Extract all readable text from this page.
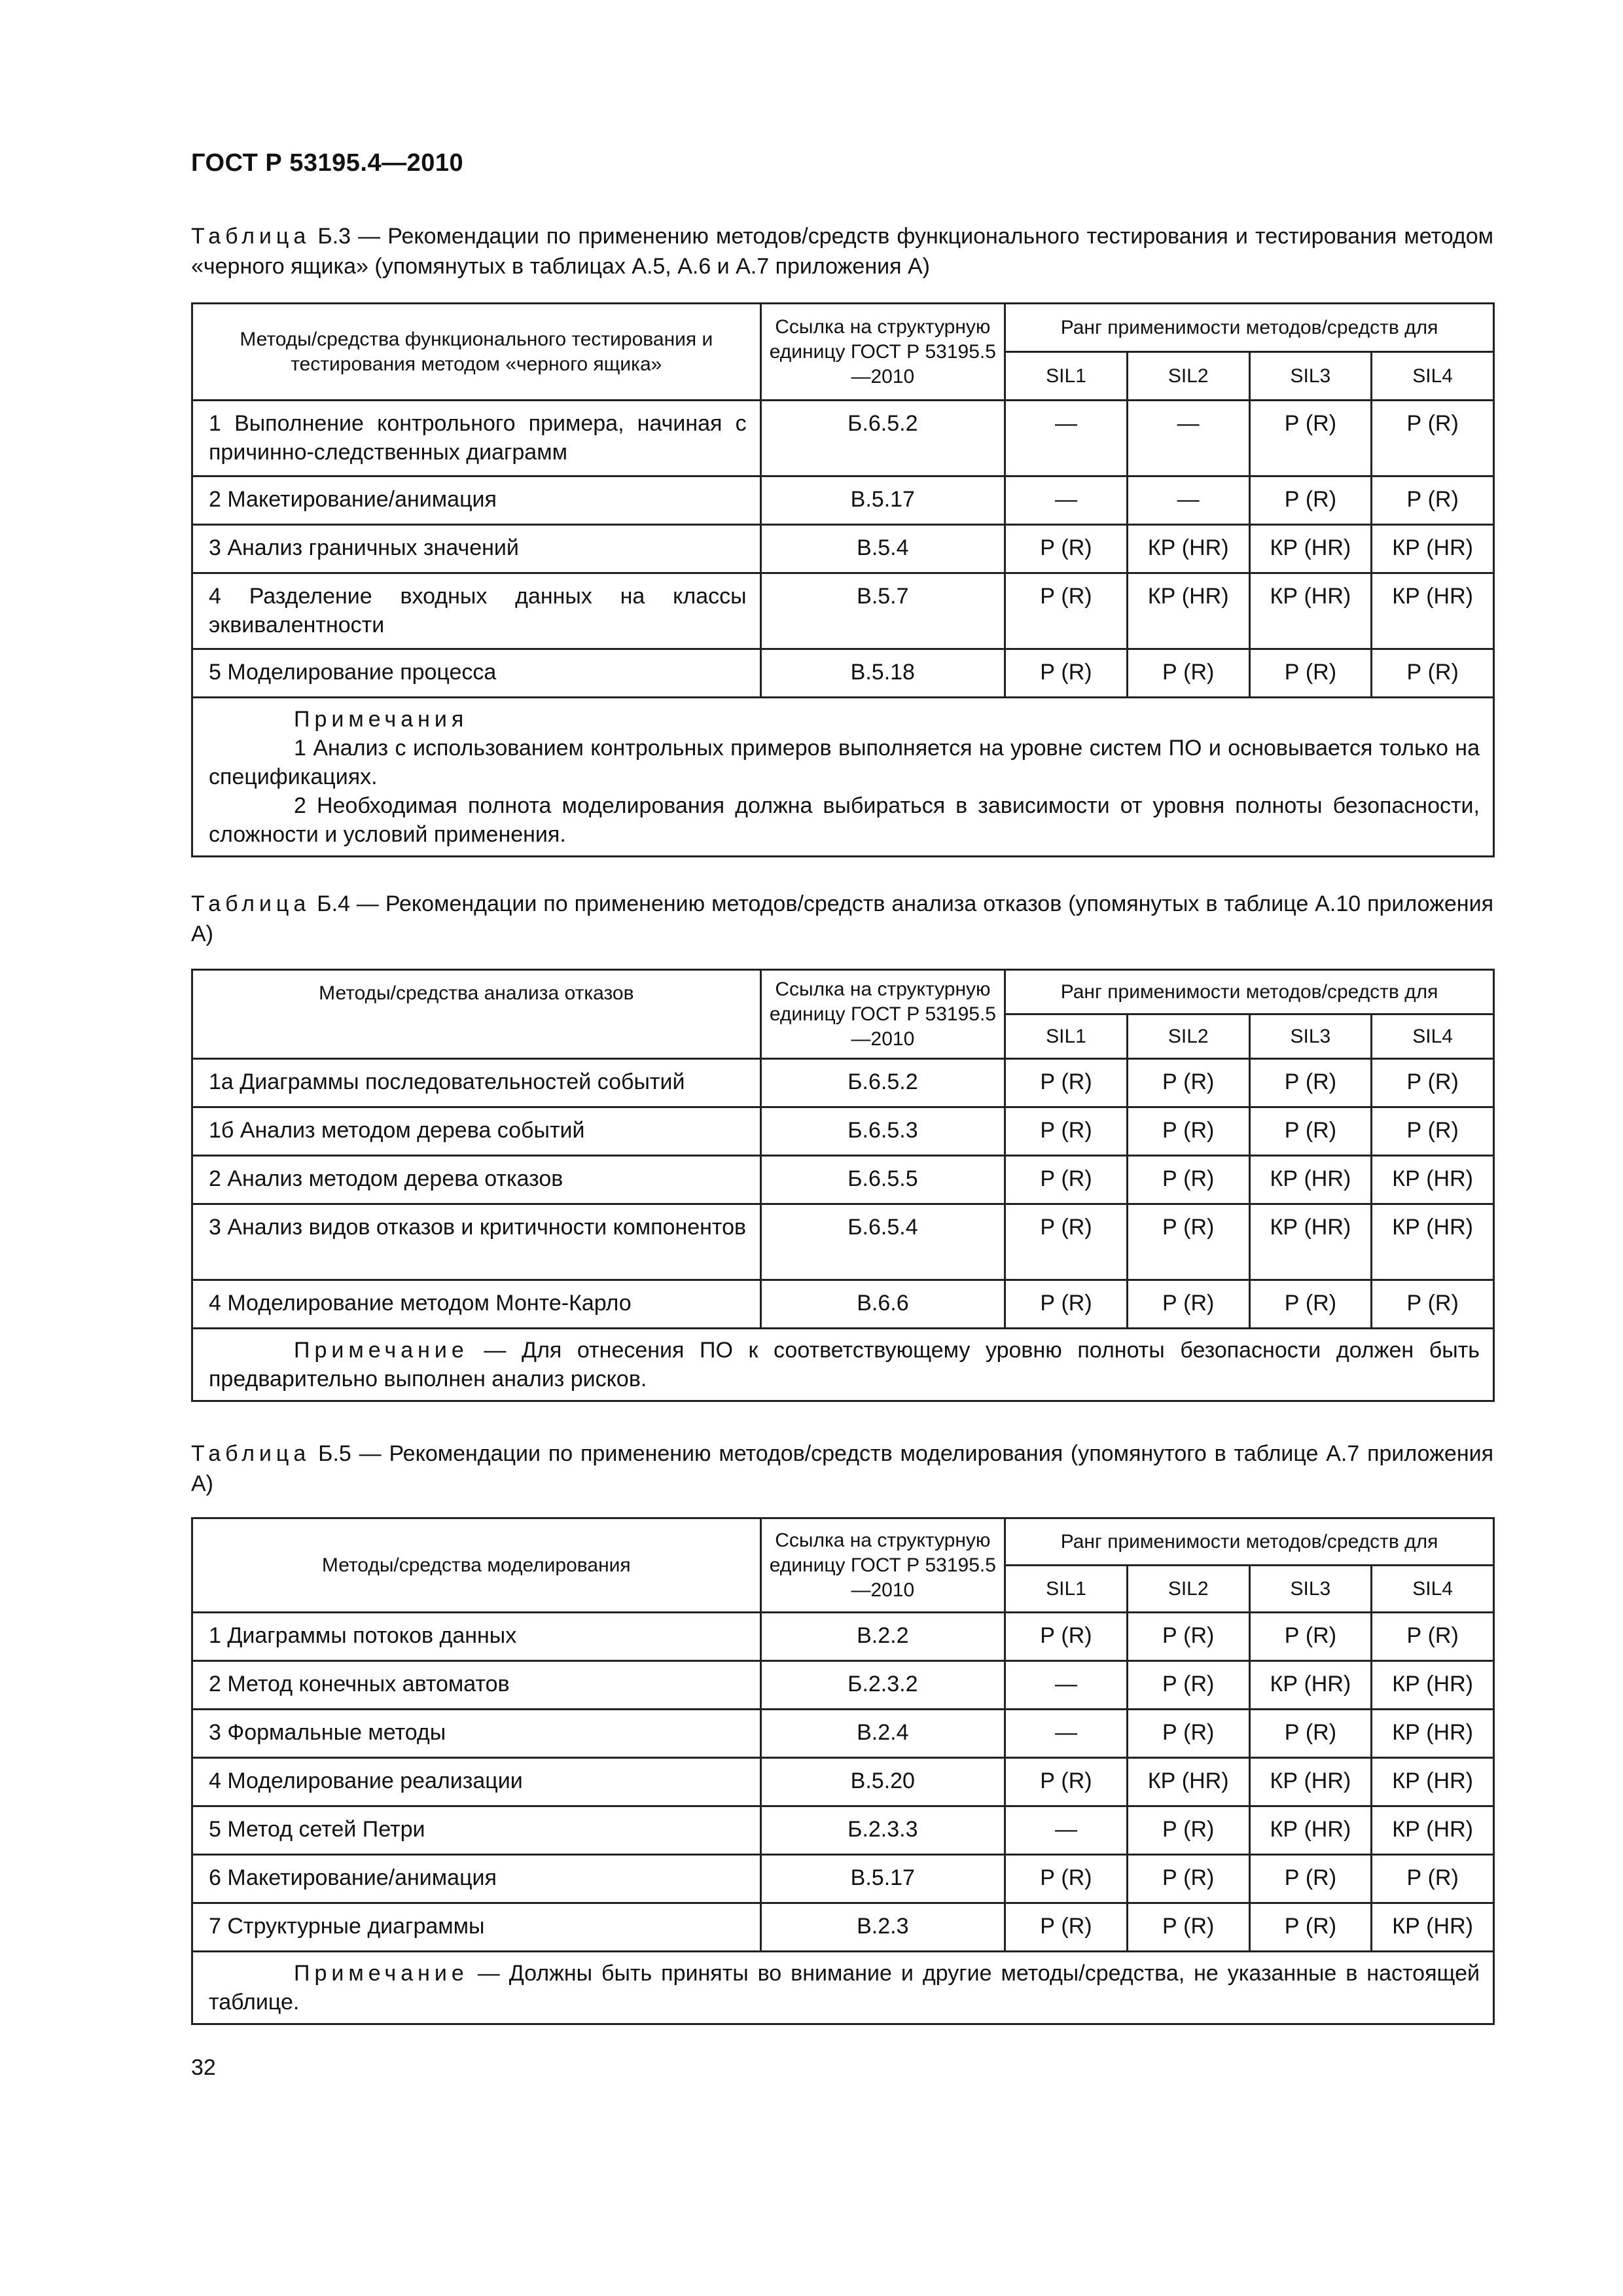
ГОСТ Р 53195.4—2010
Таблица Б.3 — Рекомендации по применению методов/средств функционального тестирования и тестирования методом «черного ящика» (упомянутых в таблицах А.5, А.6 и А.7 приложения А)
Методы/средства функционального тестирования и тестирования методом «черного ящика»	Ссылка на структурную единицу ГОСТ Р 53195.5—2010	Ранг применимости методов/средств для			
		SIL1	SIL2	SIL3	SIL4
1 Выполнение контрольного примера, начиная с причинно-следственных диаграмм	Б.6.5.2	—	—	Р (R)	Р (R)
2 Макетирование/анимация	В.5.17	—	—	Р (R)	Р (R)
3 Анализ граничных значений	В.5.4	Р (R)	КР (HR)	КР (HR)	КР (HR)
4 Разделение входных данных на классы эквивалентности	В.5.7	Р (R)	КР (HR)	КР (HR)	КР (HR)
5 Моделирование процесса	В.5.18	Р (R)	Р (R)	Р (R)	Р (R)

Примечания
1 Анализ с использованием контрольных примеров выполняется на уровне систем ПО и основывается только на спецификациях.
2 Необходимая полнота моделирования должна выбираться в зависимости от уровня полноты безопасности, сложности и условий применения.					
Таблица Б.4 — Рекомендации по применению методов/средств анализа отказов (упомянутых в таблице А.10 приложения А)
Методы/средства анализа отказов	Ссылка на структурную единицу ГОСТ Р 53195.5—2010	Ранг применимости методов/средств для			
		SIL1	SIL2	SIL3	SIL4
1а Диаграммы последовательностей событий	Б.6.5.2	Р (R)	Р (R)	Р (R)	Р (R)
1б Анализ методом дерева событий	Б.6.5.3	Р (R)	Р (R)	Р (R)	Р (R)
2 Анализ методом дерева отказов	Б.6.5.5	Р (R)	Р (R)	КР (HR)	КР (HR)
3 Анализ видов отказов и критичности компонентов	Б.6.5.4	Р (R)	Р (R)	КР (HR)	КР (HR)
4 Моделирование методом Монте-Карло	В.6.6	Р (R)	Р (R)	Р (R)	Р (R)

Примечание — Для отнесения ПО к соответствующему уровню полноты безопасности должен быть предварительно выполнен анализ рисков.					
Таблица Б.5 — Рекомендации по применению методов/средств моделирования (упомянутого в таблице А.7 приложения А)
Методы/средства моделирования	Ссылка на структурную единицу ГОСТ Р 53195.5—2010	Ранг применимости методов/средств для			
		SIL1	SIL2	SIL3	SIL4
1 Диаграммы потоков данных	В.2.2	Р (R)	Р (R)	Р (R)	Р (R)
2 Метод конечных автоматов	Б.2.3.2	—	Р (R)	КР (HR)	КР (HR)
3 Формальные методы	В.2.4	—	Р (R)	Р (R)	КР (HR)
4 Моделирование реализации	В.5.20	Р (R)	КР (HR)	КР (HR)	КР (HR)
5 Метод сетей Петри	Б.2.3.3	—	Р (R)	КР (HR)	КР (HR)
6 Макетирование/анимация	В.5.17	Р (R)	Р (R)	Р (R)	Р (R)
7 Структурные диаграммы	В.2.3	Р (R)	Р (R)	Р (R)	КР (HR)

Примечание — Должны быть приняты во внимание и другие методы/средства, не указанные в настоящей таблице.					
32
